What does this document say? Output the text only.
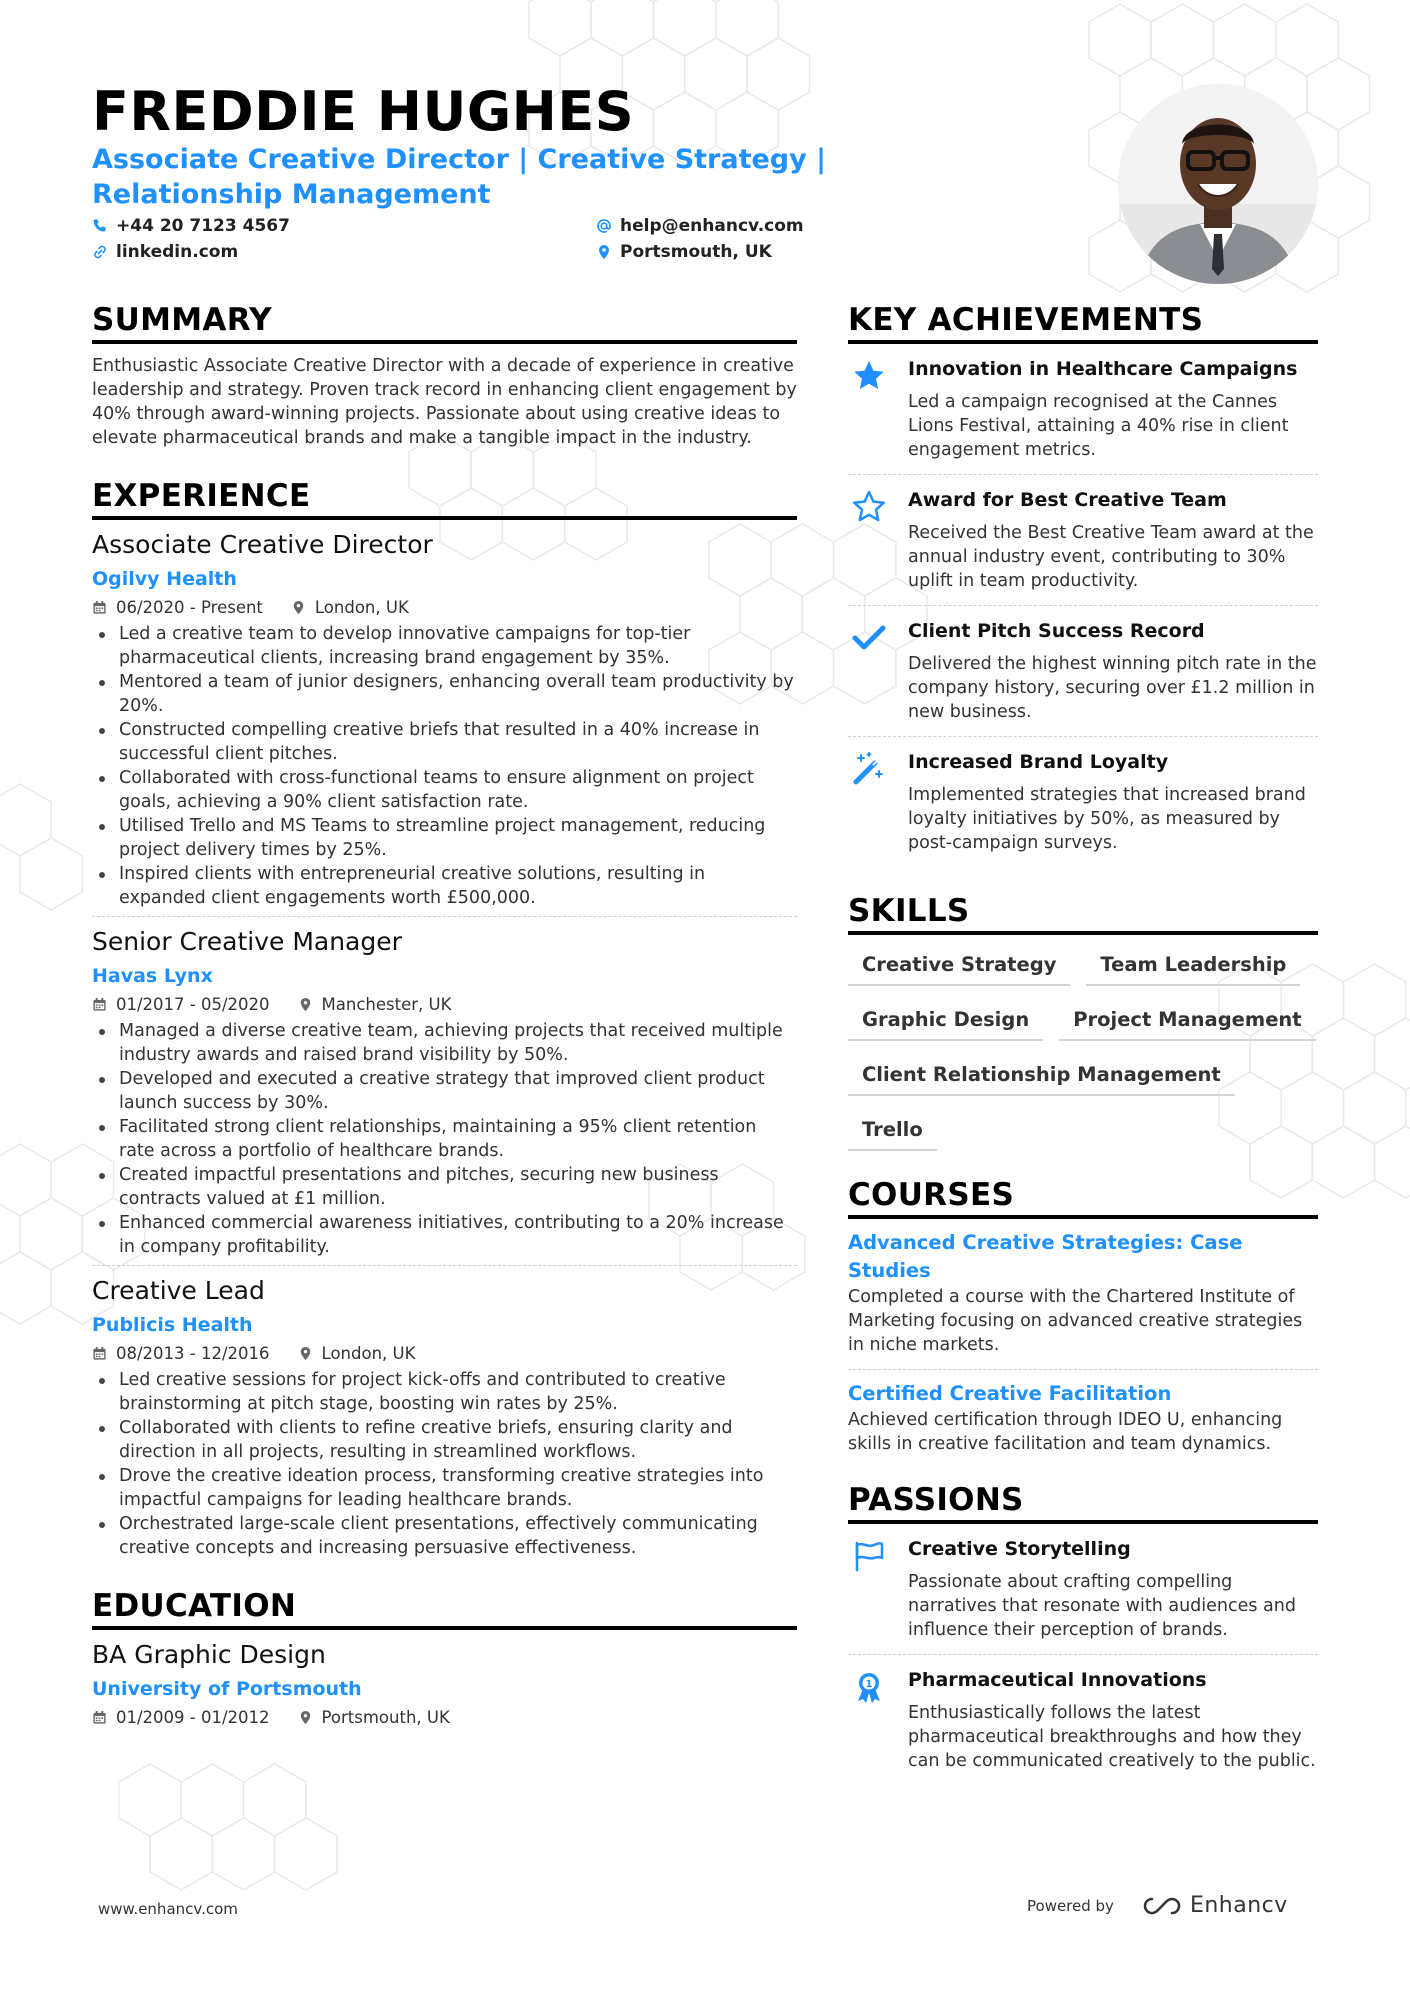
FREDDIE HUGHES
Associate Creative Director | Creative Strategy | Relationship Management
+44 20 7123 4567	help@enhancv.com
linkedin.com	Portsmouth, UK
SUMMARY

Enthusiastic Associate Creative Director with a decade of experience in creative leadership and strategy. Proven track record in enhancing client engagement by 40% through award-winning projects. Passionate about using creative ideas to elevate pharmaceutical brands and make a tangible impact in the industry.

EXPERIENCE
Associate Creative Director
Ogilvy Health
06/2020 - Present	London, UK
Led a creative team to develop innovative campaigns for top-tier pharmaceutical clients, increasing brand engagement by 35%.
Mentored a team of junior designers, enhancing overall team productivity by 20%.
Constructed compelling creative briefs that resulted in a 40% increase in successful client pitches.
Collaborated with cross-functional teams to ensure alignment on project goals, achieving a 90% client satisfaction rate.
Utilised Trello and MS Teams to streamline project management, reducing project delivery times by 25%.
Inspired clients with entrepreneurial creative solutions, resulting in expanded client engagements worth £500,000.
Senior Creative Manager
Havas Lynx
01/2017 - 05/2020	Manchester, UK
Managed a diverse creative team, achieving projects that received multiple industry awards and raised brand visibility by 50%.
Developed and executed a creative strategy that improved client product launch success by 30%.
Facilitated strong client relationships, maintaining a 95% client retention rate across a portfolio of healthcare brands.
Created impactful presentations and pitches, securing new business contracts valued at £1 million.
Enhanced commercial awareness initiatives, contributing to a 20% increase in company profitability.
Creative Lead
Publicis Health
08/2013 - 12/2016	London, UK
Led creative sessions for project kick-offs and contributed to creative brainstorming at pitch stage, boosting win rates by 25%.
Collaborated with clients to refine creative briefs, ensuring clarity and direction in all projects, resulting in streamlined workflows.
Drove the creative ideation process, transforming creative strategies into impactful campaigns for leading healthcare brands.
Orchestrated large-scale client presentations, effectively communicating creative concepts and increasing persuasive effectiveness.
EDUCATION
BA Graphic Design
University of Portsmouth
01/2009 - 01/2012	Portsmouth, UK
KEY ACHIEVEMENTS
Innovation in Healthcare Campaigns
Led a campaign recognised at the Cannes Lions Festival, attaining a 40% rise in client engagement metrics.
Award for Best Creative Team
Received the Best Creative Team award at the annual industry event, contributing to 30% uplift in team productivity.
Client Pitch Success Record
Delivered the highest winning pitch rate in the company history, securing over £1.2 million in new business.
Increased Brand Loyalty
Implemented strategies that increased brand loyalty initiatives by 50%, as measured by post-campaign surveys.
SKILLS
Creative Strategy	Team Leadership
Graphic Design	Project Management
Client Relationship Management
Trello
COURSES
Advanced Creative Strategies: Case Studies
Completed a course with the Chartered Institute of Marketing focusing on advanced creative strategies in niche markets.
Certified Creative Facilitation
Achieved certification through IDEO U, enhancing skills in creative facilitation and team dynamics.
PASSIONS
Creative Storytelling
Passionate about crafting compelling narratives that resonate with audiences and influence their perception of brands.
1 Pharmaceutical Innovations
Enthusiastically follows the latest pharmaceutical breakthroughs and how they can be communicated creatively to the public.
www.enhancv.com	Powered by	Enhancv
